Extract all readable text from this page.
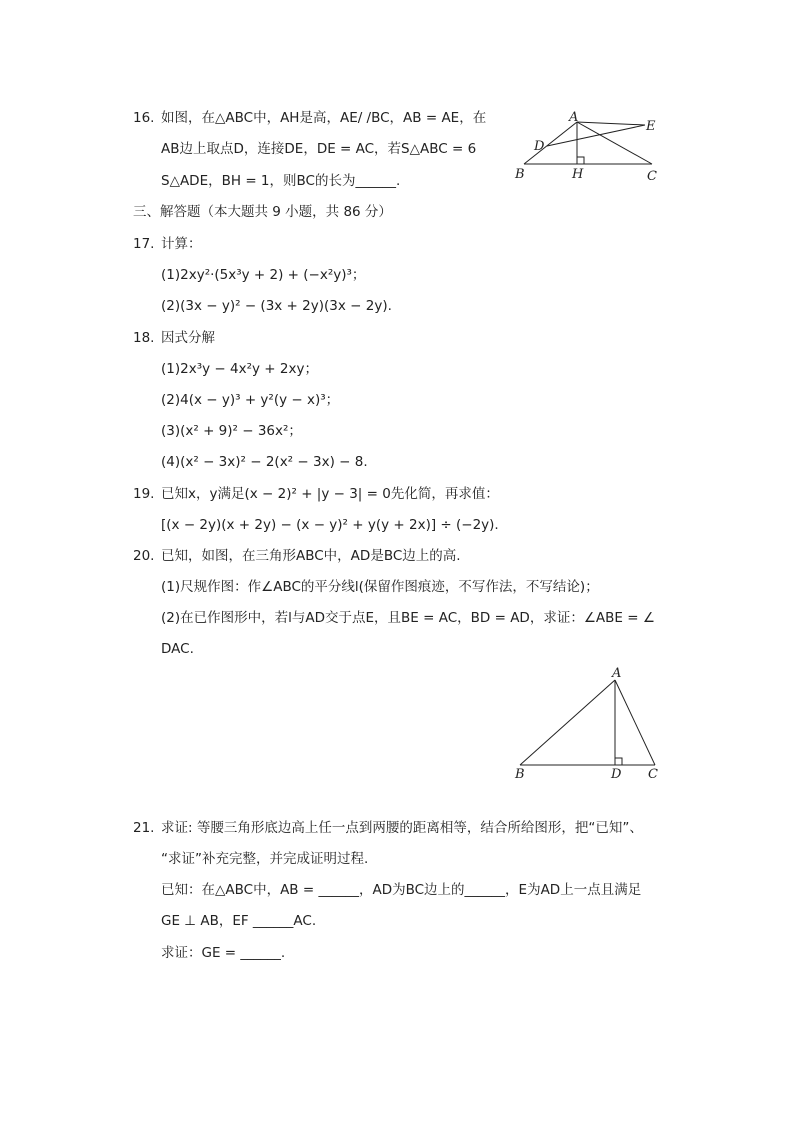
16. 如图，在△ABC中，AH是高，AE/ /BC，AB = AE，在
AB边上取点D，连接DE，DE = AC，若S△ABC = 6
S△ADE，BH = 1，则BC的长为______.
A
E
D
B	H	C
三、解答题（本大题共 9 小题，共 86 分）
17. 计算：
(1)2xy²·(5x³y + 2) + (−x²y)³；
(2)(3x − y)² − (3x + 2y)(3x − 2y).
18. 因式分解
(1)2x³y − 4x²y + 2xy；
(2)4(x − y)³ + y²(y − x)³；
(3)(x² + 9)² − 36x²；
(4)(x² − 3x)² − 2(x² − 3x) − 8.
19. 已知x，y满足(x − 2)² + |y − 3| = 0先化简，再求值：
[(x − 2y)(x + 2y) − (x − y)² + y(y + 2x)] ÷ (−2y).
20. 已知，如图，在三角形ABC中，AD是BC边上的高.
(1)尺规作图：作∠ABC的平分线l(保留作图痕迹，不写作法，不写结论)；
(2)在已作图形中，若l与AD交于点E，且BE = AC，BD = AD，求证：∠ABE = ∠
DAC.
A
B	D C
21. 求证: 等腰三角形底边高上任一点到两腰的距离相等，结合所给图形，把“已知”、
“求证”补充完整，并完成证明过程.
已知：在△ABC中，AB = ______，AD为BC边上的______，E为AD上一点且满足
GE ⊥ AB，EF ______AC.
求证：GE = ______.
